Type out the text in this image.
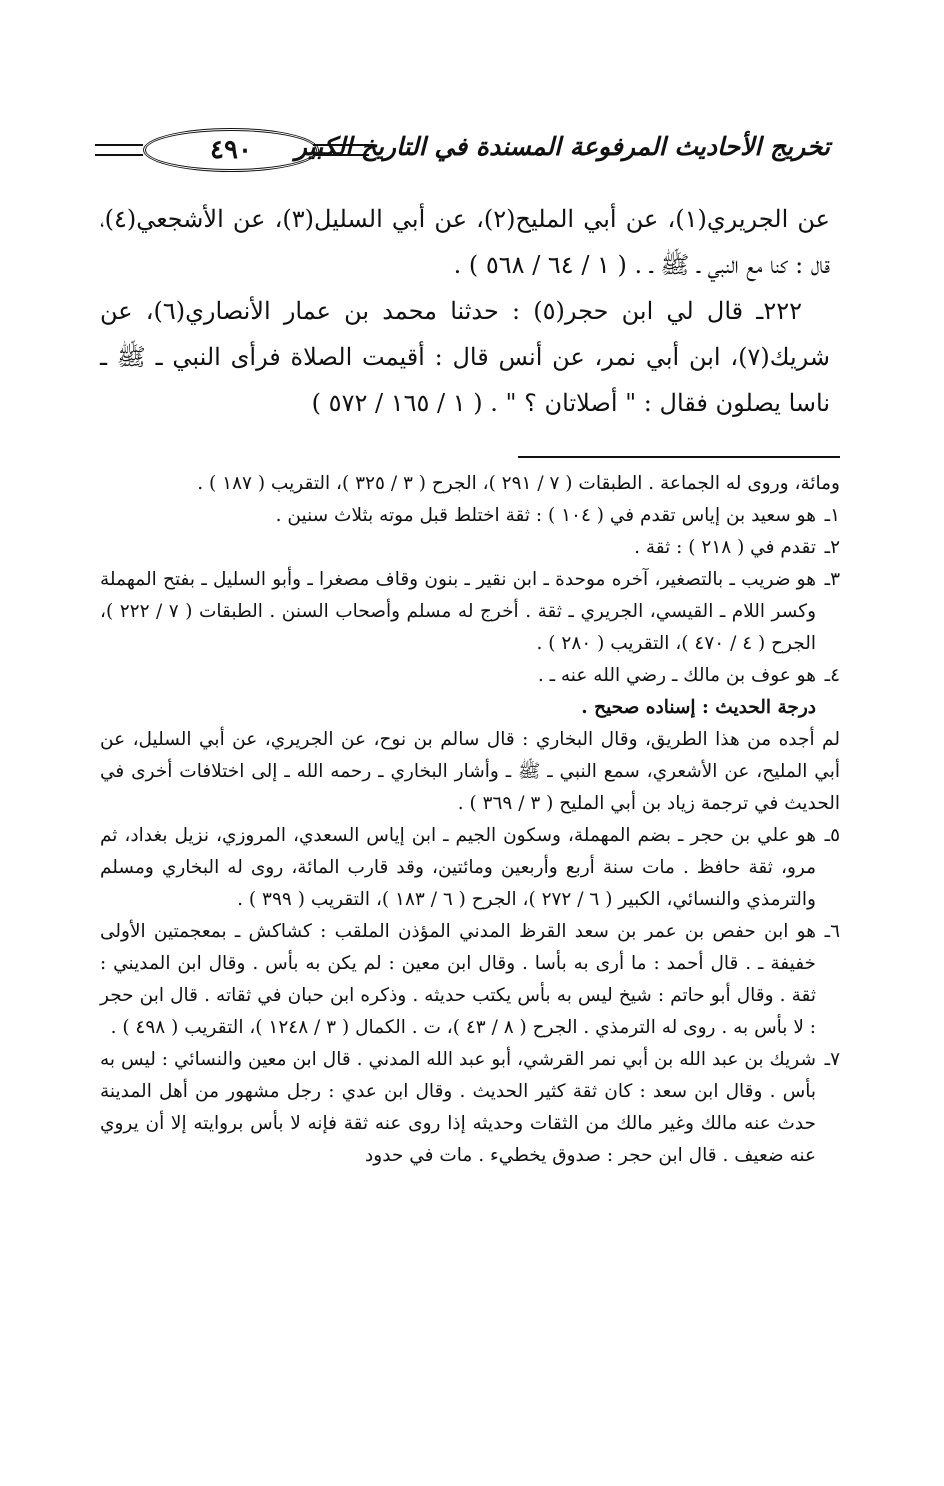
تخريج الأحاديث المرفوعة المسندة في التاريخ الكبير
٤٩٠

عن الجريري(١)، عن أبي المليح(٢)، عن أبي السليل(٣)، عن الأشجعي(٤)، قال : كنا مع النبي ـ ﷺ ـ . ( ١ / ٦٤ / ٥٦٨ ) .

٢٢٢ـ قال لي ابن حجر(٥) : حدثنا محمد بن عمار الأنصاري(٦)، عن شريك(٧)، ابن أبي نمر، عن أنس قال : أقيمت الصلاة فرأى النبي ـ ﷺ ـ ناسا يصلون فقال : " أصلاتان ؟ " . ( ١ / ١٦٥ / ٥٧٢ )

ومائة، وروى له الجماعة . الطبقات ( ٧ / ٢٩١ )، الجرح ( ٣ / ٣٢٥ )، التقريب ( ١٨٧ ) .

١ـهو سعيد بن إياس تقدم في ( ١٠٤ ) : ثقة اختلط قبل موته بثلاث سنين .

٢ـتقدم في ( ٢١٨ ) : ثقة .

٣ـهو ضريب ـ بالتصغير، آخره موحدة ـ ابن نقير ـ بنون وقاف مصغرا ـ وأبو السليل ـ بفتح المهملة وكسر اللام ـ القيسي، الجريري ـ ثقة . أخرج له مسلم وأصحاب السنن . الطبقات ( ٧ / ٢٢٢ )، الجرح ( ٤ / ٤٧٠ )، التقريب ( ٢٨٠ ) .

٤ـهو عوف بن مالك ـ رضي الله عنه ـ .

درجة الحديث : إسناده صحيح .

لم أجده من هذا الطريق، وقال البخاري : قال سالم بن نوح، عن الجريري، عن أبي السليل، عن أبي المليح، عن الأشعري، سمع النبي ـ ﷺ ـ وأشار البخاري ـ رحمه الله ـ إلى اختلافات أخرى في الحديث في ترجمة زياد بن أبي المليح ( ٣ / ٣٦٩ ) .

٥ـهو علي بن حجر ـ بضم المهملة، وسكون الجيم ـ ابن إياس السعدي، المروزي، نزيل بغداد، ثم مرو، ثقة حافظ . مات سنة أربع وأربعين ومائتين، وقد قارب المائة، روى له البخاري ومسلم والترمذي والنسائي، الكبير ( ٦ / ٢٧٢ )، الجرح ( ٦ / ١٨٣ )، التقريب ( ٣٩٩ ) .

٦ـهو ابن حفص بن عمر بن سعد القرظ المدني المؤذن الملقب : كشاكش ـ بمعجمتين الأولى خفيفة ـ . قال أحمد : ما أرى به بأسا . وقال ابن معين : لم يكن به بأس . وقال ابن المديني : ثقة . وقال أبو حاتم : شيخ ليس به بأس يكتب حديثه . وذكره ابن حبان في ثقاته . قال ابن حجر : لا بأس به . روى له الترمذي . الجرح ( ٨ / ٤٣ )، ت . الكمال ( ٣ / ١٢٤٨ )، التقريب ( ٤٩٨ ) .

٧ـشريك بن عبد الله بن أبي نمر القرشي، أبو عبد الله المدني . قال ابن معين والنسائي : ليس به بأس . وقال ابن سعد : كان ثقة كثير الحديث . وقال ابن عدي : رجل مشهور من أهل المدينة حدث عنه مالك وغير مالك من الثقات وحديثه إذا روى عنه ثقة فإنه لا بأس بروايته إلا أن يروي عنه ضعيف . قال ابن حجر : صدوق يخطيء . مات في حدود
